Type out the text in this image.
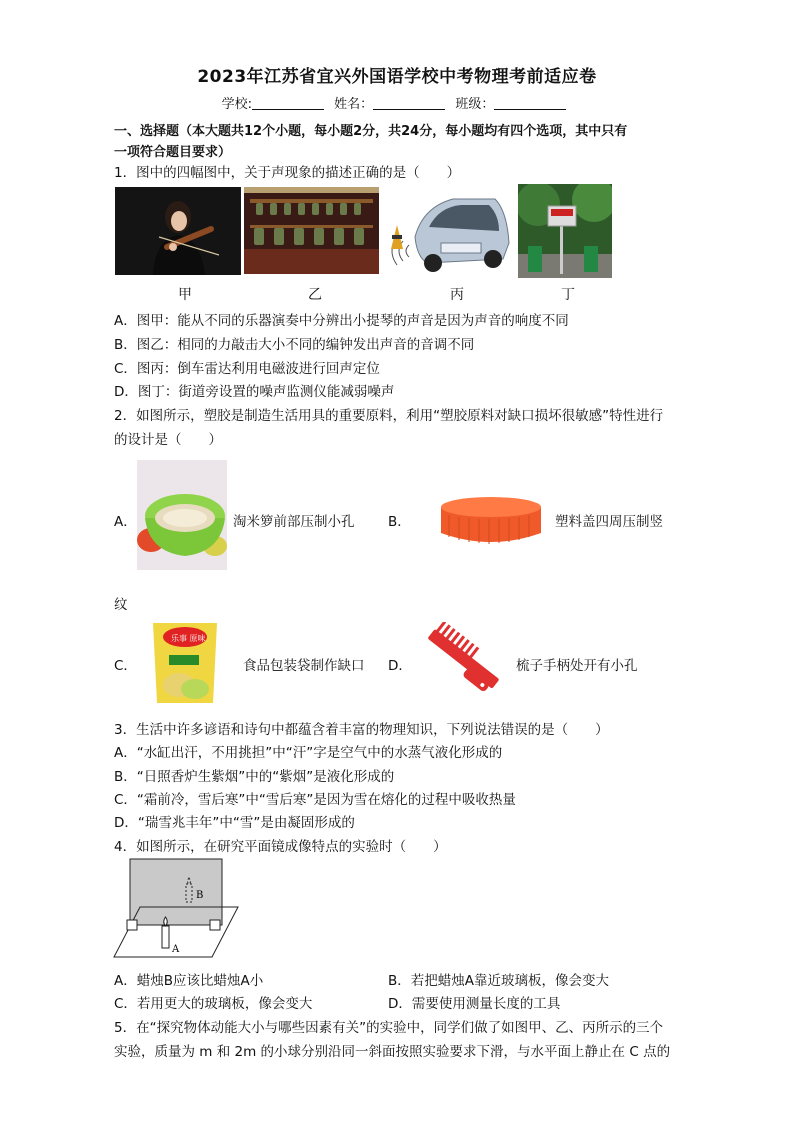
2023年江苏省宜兴外国语学校中考物理考前适应卷
学校:	姓名：	班级：
一、选择题（本大题共12个小题，每小题2分，共24分，每小题均有四个选项，其中只有
一项符合题目要求）
1．图中的四幅图中，关于声现象的描述正确的是（　　）
甲	乙	丙	丁
A．图甲：能从不同的乐器演奏中分辨出小提琴的声音是因为声音的响度不同
B．图乙：相同的力敲击大小不同的编钟发出声音的音调不同
C．图丙：倒车雷达利用电磁波进行回声定位
D．图丁：街道旁设置的噪声监测仪能减弱噪声
2．如图所示，塑胶是制造生活用具的重要原料，利用“塑胶原料对缺口损坏很敏感”特性进行
的设计是（　　）
A．	淘米箩前部压制小孔 B．	塑料盖四周压制竖
纹
C．
乐事 原味
食品包装袋制作缺口 D．	梳子手柄处开有小孔
3．生活中许多谚语和诗句中都蕴含着丰富的物理知识，下列说法错误的是（　　）
A．“水缸出汗，不用挑担”中“汗”字是空气中的水蒸气液化形成的
B．“日照香炉生紫烟”中的“紫烟”是液化形成的
C．“霜前冷，雪后寒”中“雪后寒”是因为雪在熔化的过程中吸收热量
D．“瑞雪兆丰年”中“雪”是由凝固形成的
4．如图所示，在研究平面镜成像特点的实验时（　　）
B
A
A．蜡烛B应该比蜡烛A小	B．若把蜡烛A靠近玻璃板，像会变大
C．若用更大的玻璃板，像会变大	D．需要使用测量长度的工具
5．在“探究物体动能大小与哪些因素有关”的实验中，同学们做了如图甲、乙、丙所示的三个
实验，质量为 m 和 2m 的小球分别沿同一斜面按照实验要求下滑，与水平面上静止在 C 点的
